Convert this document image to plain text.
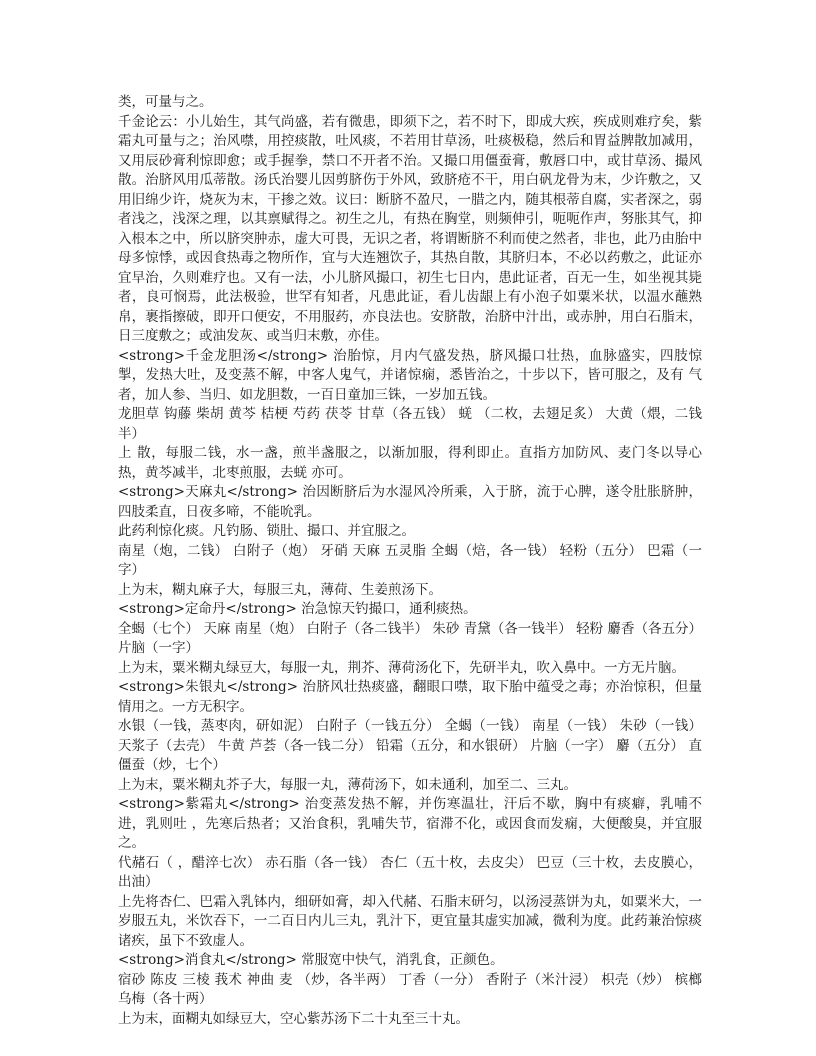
类，可量与之。

千金论云：小儿始生，其气尚盛，若有微患，即须下之，若不时下，即成大疾，疾成则难疗矣，紫霜丸可量与之；治风噤，用控痰散，吐风痰，不若用甘草汤，吐痰极稳，然后和胃益脾散加减用，又用辰砂膏利惊即愈；或手握拳，禁口不开者不治。又撮口用僵蚕膏，敷唇口中，或甘草汤、撮风散。治脐风用瓜蒂散。汤氏治婴儿因剪脐伤于外风，致脐疮不干，用白矾龙骨为末，少许敷之，又用旧绵少许，烧灰为末，干掺之效。议曰：断脐不盈尺，一腊之内，随其根蒂自腐，实者深之，弱者浅之，浅深之理，以其禀赋得之。初生之儿，有热在胸堂，则频伸引，呃呃作声，努胀其气，抑入根本之中，所以脐突肿赤，虚大可畏，无识之者，将谓断脐不利而使之然者，非也，此乃由胎中母多惊悸，或因食热毒之物所作，宜与大连翘饮子，其热自散，其脐归本，不必以药敷之，此证亦宜早治，久则难疗也。又有一法，小儿脐风撮口，初生七日内，患此证者，百无一生，如坐视其毙者，良可悯焉，此法极验，世罕有知者，凡患此证，看儿齿龈上有小泡子如粟米状，以温水蘸熟帛，裹指擦破，即开口便安，不用服药，亦良法也。安脐散，治脐中汁出，或赤肿，用白石脂末，日三度敷之；或油发灰、或当归末敷，亦佳。

<strong>千金龙胆汤</strong> 治胎惊，月内气盛发热，脐风撮口壮热，血脉盛实，四肢惊掣，发热大吐，及变蒸不解，中客人鬼气，并诸惊痫，悉皆治之，十步以下，皆可服之，及有 气者，加人参、当归、如龙胆数，一百日童加三铢，一岁加五钱。

龙胆草 钩藤 柴胡 黄芩 桔梗 芍药 茯苓 甘草（各五钱） 蜣 （二枚，去翅足炙） 大黄（煨，二钱半）

上 散，每服二钱，水一盏，煎半盏服之，以渐加服，得利即止。直指方加防风、麦门冬以导心热，黄芩减半，北枣煎服，去蜣 亦可。

<strong>天麻丸</strong> 治因断脐后为水湿风冷所乘，入于脐，流于心脾，遂令肚胀脐肿，四肢柔直，日夜多啼，不能吮乳。

此药利惊化痰。凡钓肠、锁肚、撮口、并宜服之。

南星（炮，二钱） 白附子（炮） 牙硝 天麻 五灵脂 全蝎（焙，各一钱） 轻粉（五分） 巴霜（一字）

上为末，糊丸麻子大，每服三丸，薄荷、生姜煎汤下。

<strong>定命丹</strong> 治急惊天钓撮口，通利痰热。

全蝎（七个） 天麻 南星（炮） 白附子（各二钱半） 朱砂 青黛（各一钱半） 轻粉 麝香（各五分） 片脑（一字）

上为末，粟米糊丸绿豆大，每服一丸，荆芥、薄荷汤化下，先研半丸，吹入鼻中。一方无片脑。

<strong>朱银丸</strong> 治脐风壮热痰盛，翻眼口噤，取下胎中蕴受之毒；亦治惊积，但量情用之。一方无积字。

水银（一钱，蒸枣肉，研如泥） 白附子（一钱五分） 全蝎（一钱） 南星（一钱） 朱砂（一钱） 天浆子（去壳） 牛黄 芦荟（各一钱二分） 铅霜（五分，和水银研） 片脑（一字） 麝（五分） 直僵蚕（炒，七个）

上为末，粟米糊丸芥子大，每服一丸，薄荷汤下，如未通利，加至二、三丸。

<strong>紫霜丸</strong> 治变蒸发热不解，并伤寒温壮，汗后不歇，胸中有痰癖，乳哺不进，乳则吐 ，先寒后热者；又治食积，乳哺失节，宿滞不化，或因食而发痫，大便酸臭，并宜服之。

代赭石（ ，醋淬七次） 赤石脂（各一钱） 杏仁（五十枚，去皮尖） 巴豆（三十枚，去皮膜心，出油）

上先将杏仁、巴霜入乳钵内，细研如膏，却入代赭、石脂末研匀，以汤浸蒸饼为丸，如粟米大，一岁服五丸，米饮吞下，一二百日内儿三丸，乳汁下，更宜量其虚实加减，微利为度。此药兼治惊痰诸疾，虽下不致虚人。

<strong>消食丸</strong> 常服宽中快气，消乳食，正颜色。

宿砂 陈皮 三棱 莪术 神曲 麦 （炒，各半两） 丁香（一分） 香附子（米汁浸） 枳壳（炒） 槟榔 乌梅（各十两）

上为末，面糊丸如绿豆大，空心紫苏汤下二十丸至三十丸。
